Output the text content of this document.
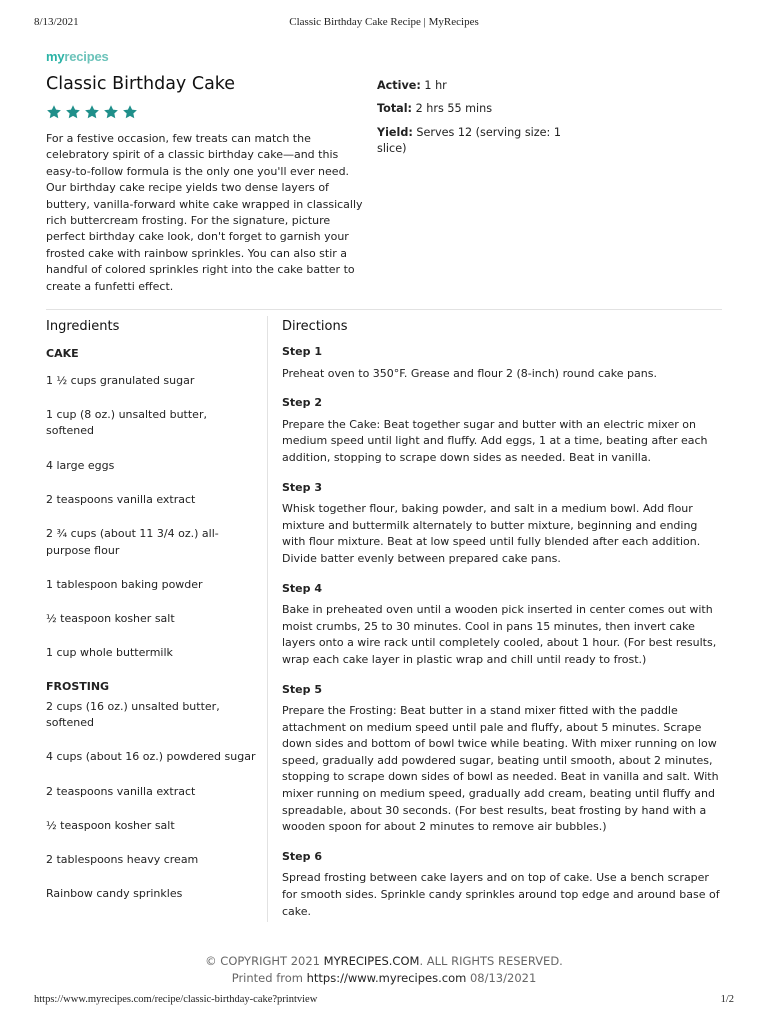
8/13/2021	Classic Birthday Cake Recipe | MyRecipes
myrecipes
Classic Birthday Cake

For a festive occasion, few treats can match the celebratory spirit of a classic birthday cake—and this easy-to-follow formula is the only one you'll ever need. Our birthday cake recipe yields two dense layers of buttery, vanilla-forward white cake wrapped in classically rich buttercream frosting. For the signature, picture perfect birthday cake look, don't forget to garnish your frosted cake with rainbow sprinkles. You can also stir a handful of colored sprinkles right into the cake batter to create a funfetti effect.

Active: 1 hr
Total: 2 hrs 55 mins
Yield: Serves 12 (serving size: 1 slice)
Ingredients	Directions
CAKE
1 ½ cups granulated sugar
1 cup (8 oz.) unsalted butter, softened
4 large eggs
2 teaspoons vanilla extract
2 ¾ cups (about 11 3/4 oz.) all-purpose flour
1 tablespoon baking powder
½ teaspoon kosher salt
1 cup whole buttermilk
FROSTING
2 cups (16 oz.) unsalted butter, softened
4 cups (about 16 oz.) powdered sugar
2 teaspoons vanilla extract
½ teaspoon kosher salt
2 tablespoons heavy cream
Rainbow candy sprinkles
Step 1
Preheat oven to 350°F. Grease and flour 2 (8-inch) round cake pans.
Step 2
Prepare the Cake: Beat together sugar and butter with an electric mixer on medium speed until light and fluffy. Add eggs, 1 at a time, beating after each addition, stopping to scrape down sides as needed. Beat in vanilla.
Step 3
Whisk together flour, baking powder, and salt in a medium bowl. Add flour mixture and buttermilk alternately to butter mixture, beginning and ending with flour mixture. Beat at low speed until fully blended after each addition. Divide batter evenly between prepared cake pans.
Step 4
Bake in preheated oven until a wooden pick inserted in center comes out with moist crumbs, 25 to 30 minutes. Cool in pans 15 minutes, then invert cake layers onto a wire rack until completely cooled, about 1 hour. (For best results, wrap each cake layer in plastic wrap and chill until ready to frost.)
Step 5
Prepare the Frosting: Beat butter in a stand mixer fitted with the paddle attachment on medium speed until pale and fluffy, about 5 minutes. Scrape down sides and bottom of bowl twice while beating. With mixer running on low speed, gradually add powdered sugar, beating until smooth, about 2 minutes, stopping to scrape down sides of bowl as needed. Beat in vanilla and salt. With mixer running on medium speed, gradually add cream, beating until fluffy and spreadable, about 30 seconds. (For best results, beat frosting by hand with a wooden spoon for about 2 minutes to remove air bubbles.)
Step 6
Spread frosting between cake layers and on top of cake. Use a bench scraper for smooth sides. Sprinkle candy sprinkles around top edge and around base of cake.
© COPYRIGHT 2021 MYRECIPES.COM. ALL RIGHTS RESERVED.
Printed from https://www.myrecipes.com 08/13/2021
https://www.myrecipes.com/recipe/classic-birthday-cake?printview	1/2
